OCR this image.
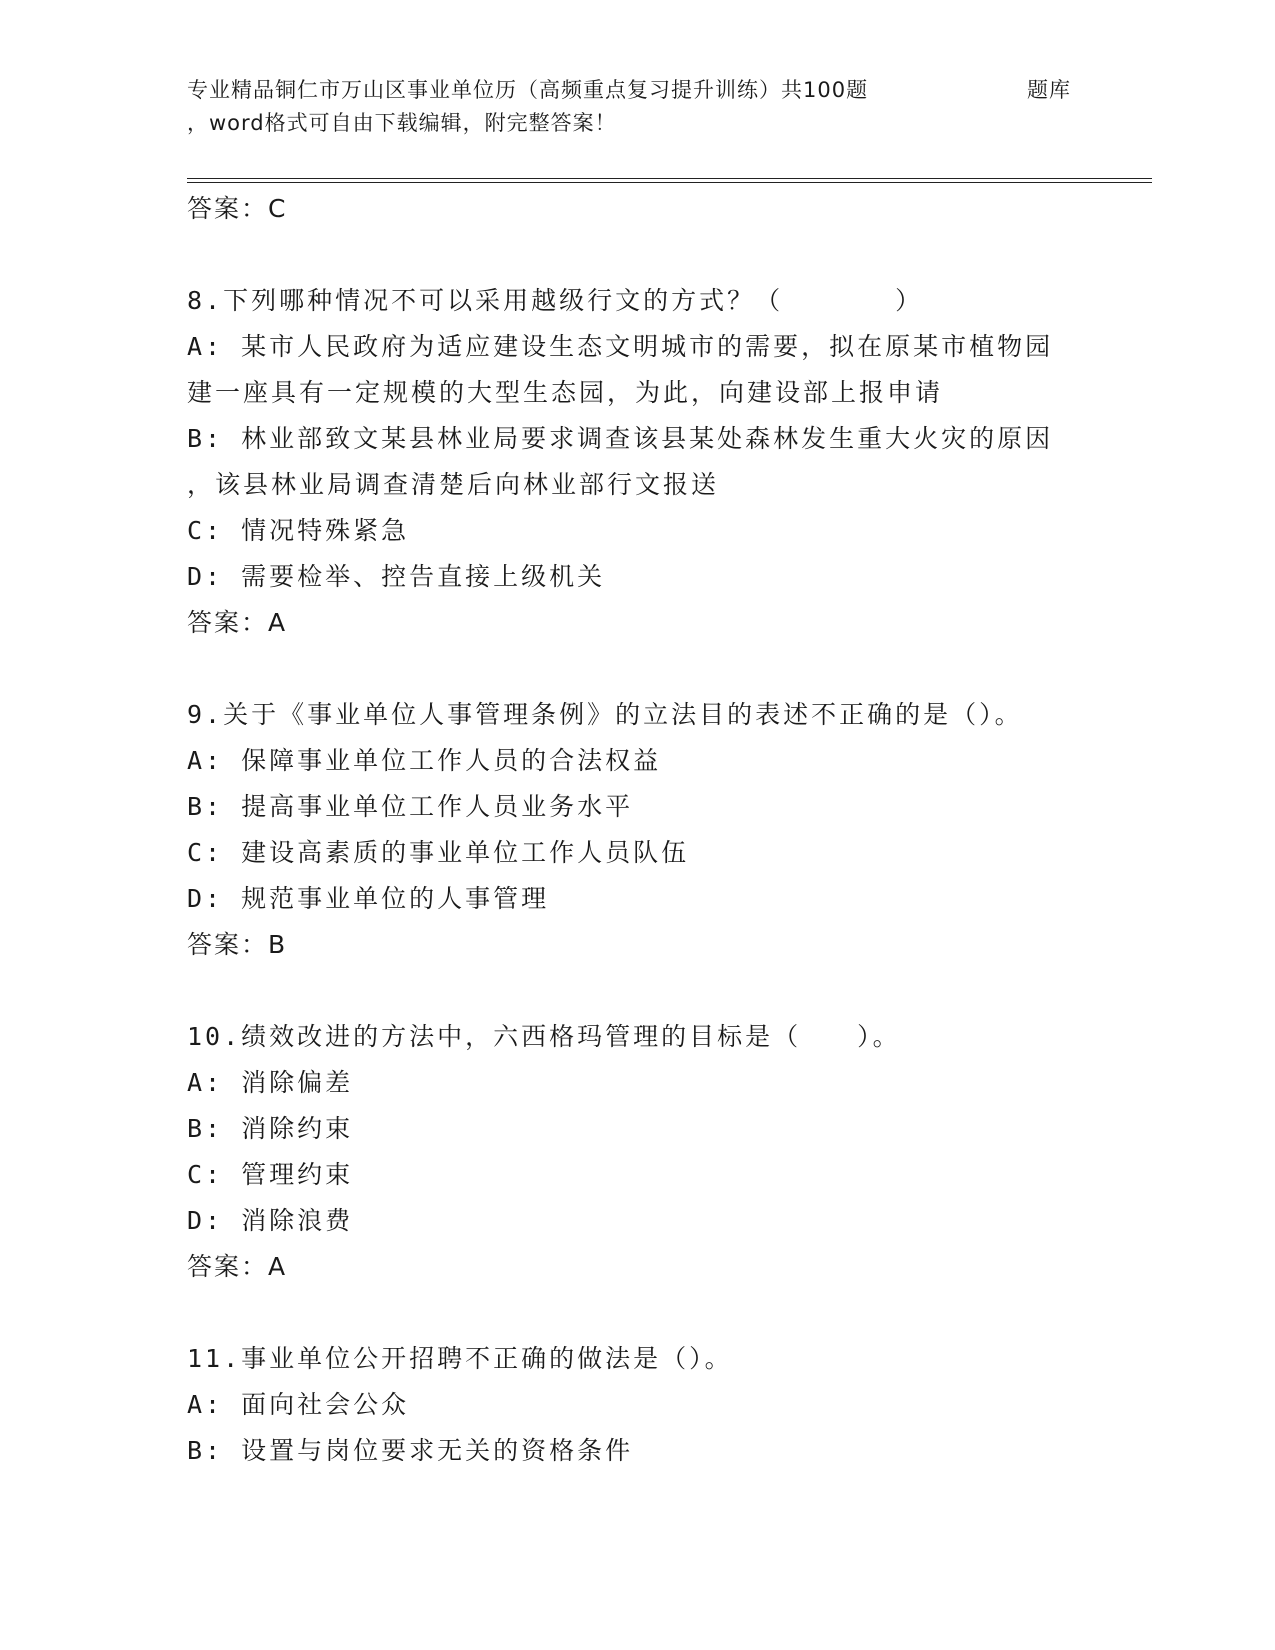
专业精品铜仁市万山区事业单位历（高频重点复习提升训练）共100题	题库
，word格式可自由下载编辑，附完整答案！
答案：C
8.下列哪种情况不可以采用越级行文的方式？（　　　　）
A: 某市人民政府为适应建设生态文明城市的需要，拟在原某市植物园
建一座具有一定规模的大型生态园，为此，向建设部上报申请
B: 林业部致文某县林业局要求调查该县某处森林发生重大火灾的原因
，该县林业局调查清楚后向林业部行文报送
C: 情况特殊紧急
D: 需要检举、控告直接上级机关
答案：A
9.关于《事业单位人事管理条例》的立法目的表述不正确的是（）。
A: 保障事业单位工作人员的合法权益
B: 提高事业单位工作人员业务水平
C: 建设高素质的事业单位工作人员队伍
D: 规范事业单位的人事管理
答案：B
10.绩效改进的方法中，六西格玛管理的目标是（　　）。
A: 消除偏差
B: 消除约束
C: 管理约束
D: 消除浪费
答案：A
11.事业单位公开招聘不正确的做法是（）。
A: 面向社会公众
B: 设置与岗位要求无关的资格条件
